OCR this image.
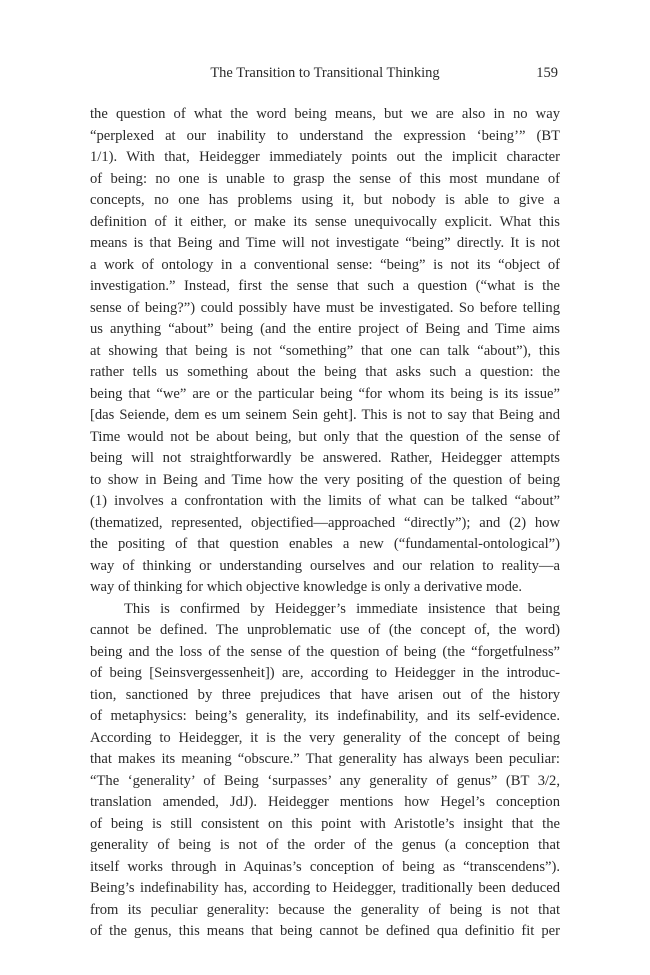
The Transition to Transitional Thinking	159
the question of what the word being means, but we are also in no way
“perplexed at our inability to understand the expression ‘being’” (BT
1/1). With that, Heidegger immediately points out the implicit character
of being: no one is unable to grasp the sense of this most mundane of
concepts, no one has problems using it, but nobody is able to give a
definition of it either, or make its sense unequivocally explicit. What this
means is that Being and Time will not investigate “being” directly. It is not
a work of ontology in a conventional sense: “being” is not its “object of
investigation.” Instead, first the sense that such a question (“what is the
sense of being?”) could possibly have must be investigated. So before telling
us anything “about” being (and the entire project of Being and Time aims
at showing that being is not “something” that one can talk “about”), this
rather tells us something about the being that asks such a question: the
being that “we” are or the particular being “for whom its being is its issue”
[das Seiende, dem es um seinem Sein geht]. This is not to say that Being and
Time would not be about being, but only that the question of the sense of
being will not straightforwardly be answered. Rather, Heidegger attempts
to show in Being and Time how the very positing of the question of being
(1) involves a confrontation with the limits of what can be talked “about”
(thematized, represented, objectified—approached “directly”); and (2) how
the positing of that question enables a new (“fundamental-ontological”)
way of thinking or understanding ourselves and our relation to reality—a
way of thinking for which objective knowledge is only a derivative mode.
This is confirmed by Heidegger’s immediate insistence that being
cannot be defined. The unproblematic use of (the concept of, the word)
being and the loss of the sense of the question of being (the “forgetfulness”
of being [Seinsvergessenheit]) are, according to Heidegger in the introduc-
tion, sanctioned by three prejudices that have arisen out of the history
of metaphysics: being’s generality, its indefinability, and its self-evidence.
According to Heidegger, it is the very generality of the concept of being
that makes its meaning “obscure.” That generality has always been peculiar:
“The ‘generality’ of Being ‘surpasses’ any generality of genus” (BT 3/2,
translation amended, JdJ). Heidegger mentions how Hegel’s conception
of being is still consistent on this point with Aristotle’s insight that the
generality of being is not of the order of the genus (a conception that
itself works through in Aquinas’s conception of being as “transcendens”).
Being’s indefinability has, according to Heidegger, traditionally been deduced
from its peculiar generality: because the generality of being is not that
of the genus, this means that being cannot be defined qua definitio fit per
